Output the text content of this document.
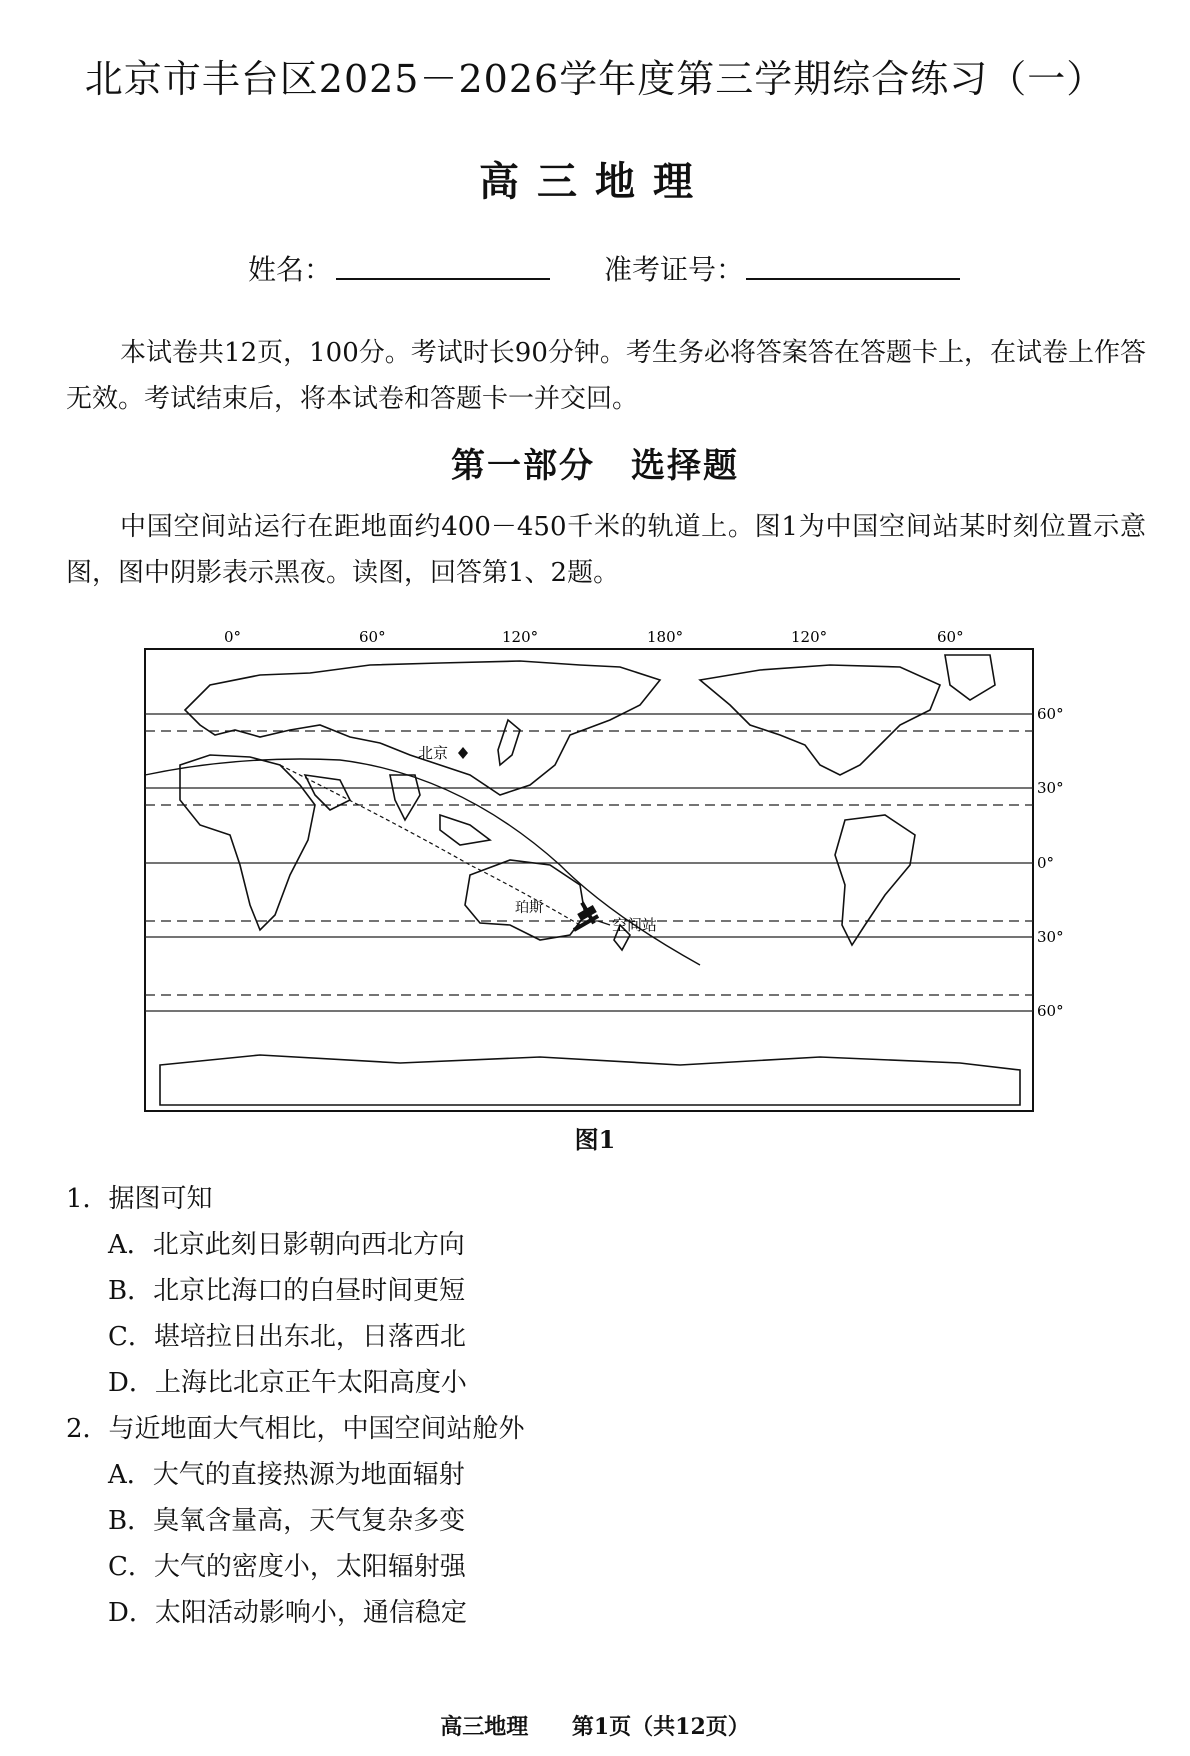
北京市丰台区2025－2026学年度第三学期综合练习（一）
高三地理
姓名：	准考证号：
本试卷共12页，100分。考试时长90分钟。考生务必将答案答在答题卡上，在试卷上作答无效。考试结束后，将本试卷和答题卡一并交回。
第一部分　选择题
中国空间站运行在距地面约400－450千米的轨道上。图1为中国空间站某时刻位置示意图，图中阴影表示黑夜。读图，回答第1、2题。
0°	60°	120°	180°	120°	60°
60°
30°
0°
30°
60°
北京
珀斯
空间站
图1
1．据图可知
A．北京此刻日影朝向西北方向
B．北京比海口的白昼时间更短
C．堪培拉日出东北，日落西北
D．上海比北京正午太阳高度小
2．与近地面大气相比，中国空间站舱外
A．大气的直接热源为地面辐射
B．臭氧含量高，天气复杂多变
C．大气的密度小，太阳辐射强
D．太阳活动影响小，通信稳定
高三地理 第1页（共12页）
